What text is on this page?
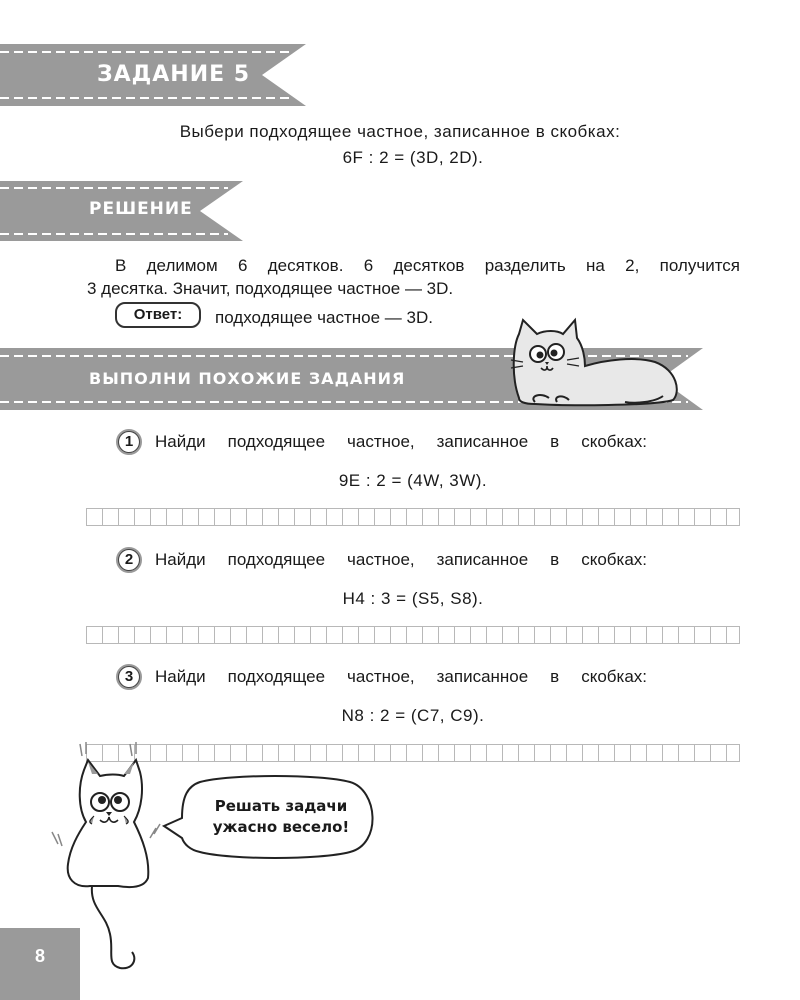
ЗАДАНИЕ 5
Выбери подходящее частное, записанное в скобках:
6F : 2 = (3D, 2D).
РЕШЕНИЕ
В делимом 6 десятков. 6 десятков разделить на 2, получится
3 десятка. Значит, подходящее частное — 3D.
Ответ:	подходящее частное — 3D.
ВЫПОЛНИ ПОХОЖИЕ ЗАДАНИЯ
1	Найди подходящее частное, записанное в скобках:
9E : 2 = (4W, 3W).
2	Найди подходящее частное, записанное в скобках:
H4 : 3 = (S5, S8).
3	Найди подходящее частное, записанное в скобках:
N8 : 2 = (C7, C9).
Решать задачи
ужасно весело!
8
